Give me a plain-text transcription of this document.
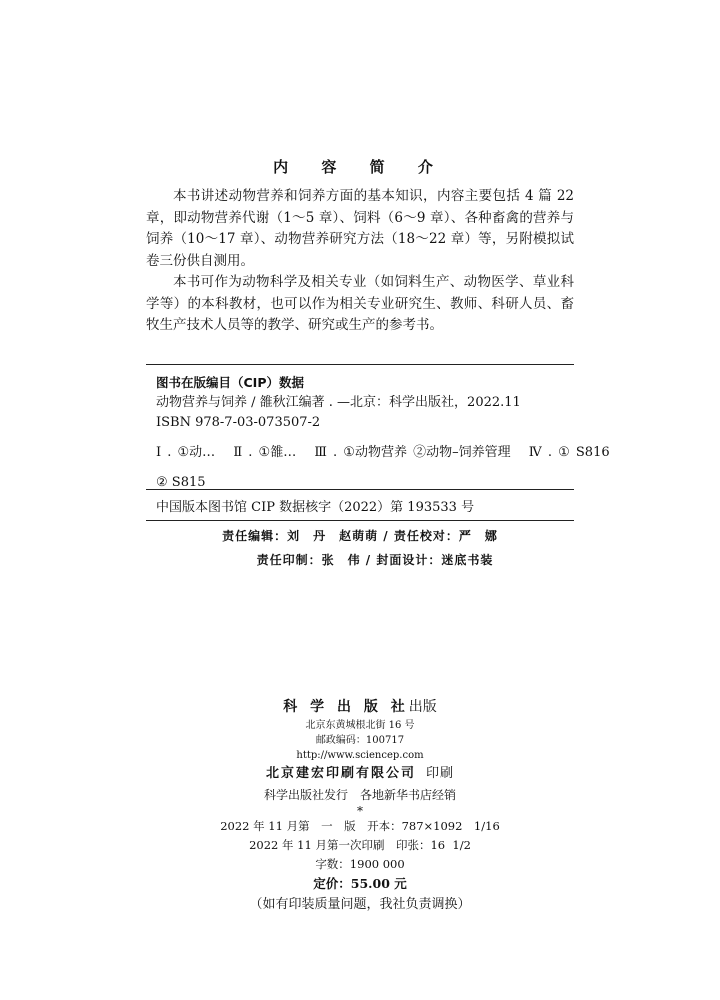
内 容 简 介

本书讲述动物营养和饲养方面的基本知识，内容主要包括 4 篇 22 章，即动物营养代谢（1～5 章）、饲料（6～9 章）、各种畜禽的营养与饲养（10～17 章）、动物营养研究方法（18～22 章）等，另附模拟试卷三份供自测用。

本书可作为动物科学及相关专业（如饲料生产、动物医学、草业科学等）的本科教材，也可以作为相关专业研究生、教师、科研人员、畜牧生产技术人员等的教学、研究或生产的参考书。

图书在版编目（CIP）数据
动物营养与饲养 / 雒秋江编著 . —北京：科学出版社，2022.11
ISBN 978-7-03-073507-2
Ⅰ . ①动… Ⅱ . ①雒… Ⅲ . ①动物营养 ②动物–饲养管理 Ⅳ . ① S816
② S815
中国版本图书馆 CIP 数据核字（2022）第 193533 号
责任编辑：刘　丹　赵萌萌 / 责任校对：严　娜
责任印制：张　伟 / 封面设计：迷底书装
科 学 出 版 社出版
北京东黄城根北街 16 号
邮政编码：100717
http://www.sciencep.com
北京建宏印刷有限公司 印刷
科学出版社发行　各地新华书店经销
*
2022 年 11 月第　一　版　开本：787×1092　1/16
2022 年 11 月第一次印刷　印张：16  1/2
字数：1900 000
定价：55.00 元
（如有印装质量问题，我社负责调换）
